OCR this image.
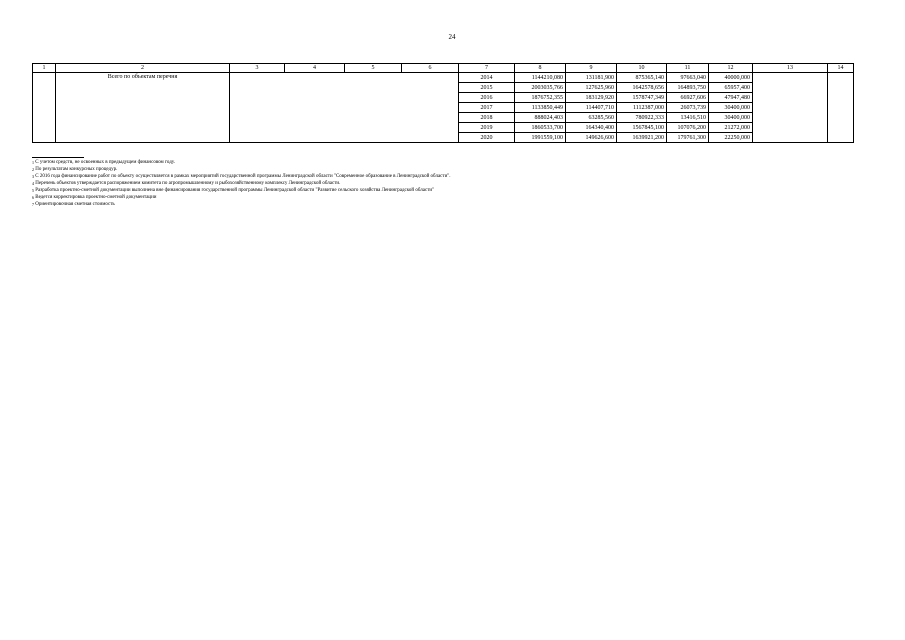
24
1	2	3	4	5	6	7	8	9	10	11	12	13	14
	Всего по объектам перечня					2014	1144210,080	131181,900	875365,140	97663,040	40000,000		
						2015	2003035,766	127625,960	1642578,656	164893,750	65957,400		
						2016	1876752,355	183129,920	1578747,349	66927,606	47947,480		
						2017	1133850,449	114407,710	1112387,000	26073,739	30400,000		
						2018	888024,403	63285,560	780922,333	13416,510	30400,000		
						2019	1860533,700	164340,400	1567845,100	107076,200	21272,000		
						2020	1991559,100	149626,600	1639921,200	179761,300	22250,000		
$^1$ С учетом средств, не освоенных в предыдущем финансовом году.
$^2$ По результатам конкурсных процедур.
$^3$ С 2016 года финансирование работ по объекту осуществляется в рамках мероприятий государственной программы Ленинградской области "Современное образование в Ленинградской области".
$^4$ Перечень объектов утверждается распоряжением комитета по агропромышленному и рыбохозяйственному комплексу Ленинградской области.
$^5$ Разработка проектно-сметной документации выполнена вне финансирования государственной программы Ленинградской области "Развитие сельского хозяйства Ленинградской области"
$^6$ Ведется корректировка проектно-сметной документации
$^7$ Ориентировочная сметная стоимость
